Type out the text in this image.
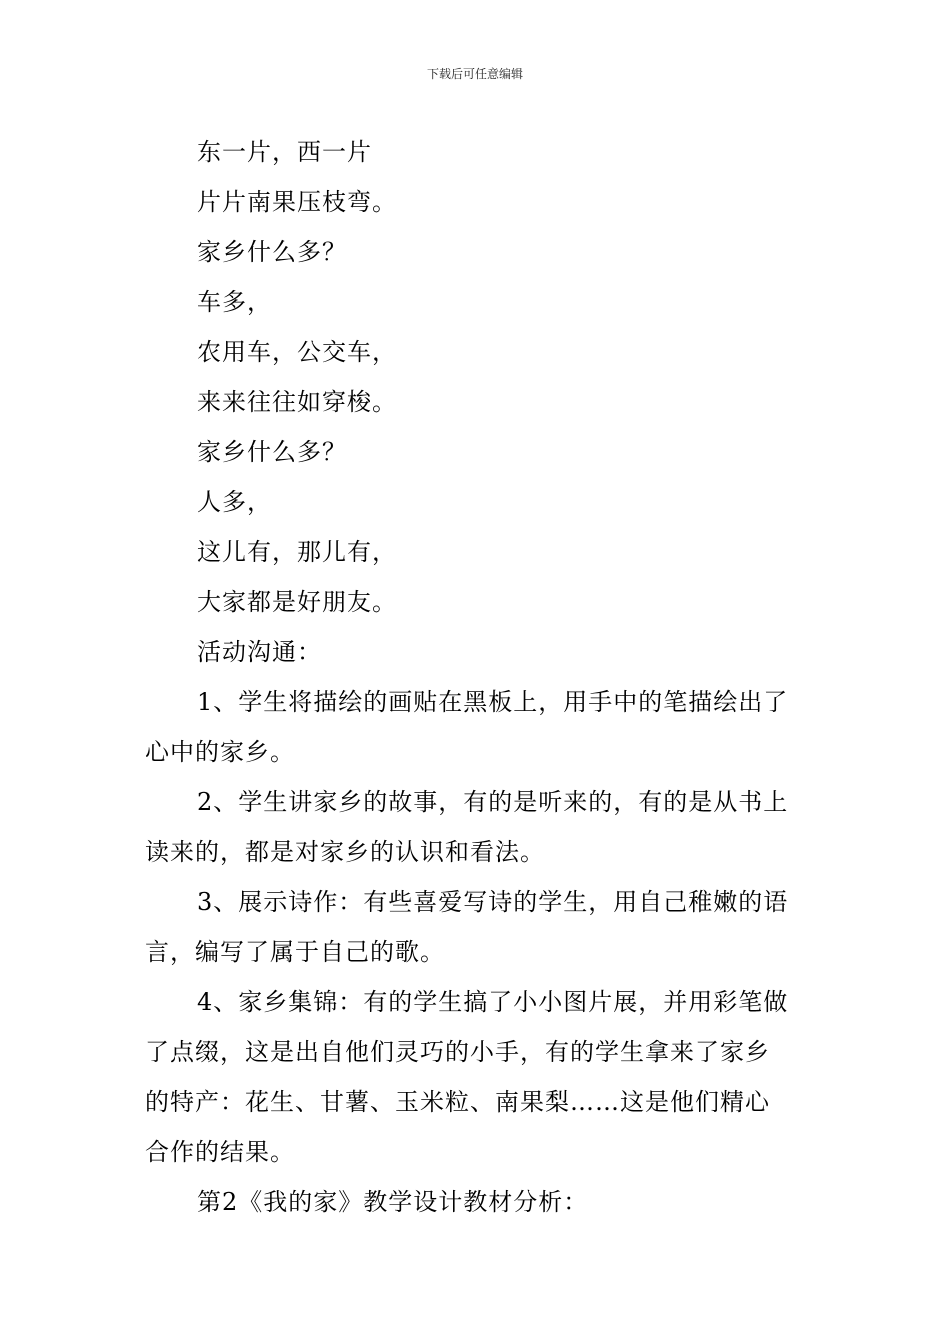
下载后可任意编辑
东一片，西一片
片片南果压枝弯。
家乡什么多？
车多，
农用车，公交车，
来来往往如穿梭。
家乡什么多？
人多，
这儿有，那儿有，
大家都是好朋友。
活动沟通：
1、学生将描绘的画贴在黑板上，用手中的笔描绘出了
心中的家乡。
2、学生讲家乡的故事，有的是听来的，有的是从书上
读来的，都是对家乡的认识和看法。
3、展示诗作：有些喜爱写诗的学生，用自己稚嫩的语
言，编写了属于自己的歌。
4、家乡集锦：有的学生搞了小小图片展，并用彩笔做
了点缀，这是出自他们灵巧的小手，有的学生拿来了家乡
的特产：花生、甘薯、玉米粒、南果梨……这是他们精心
合作的结果。
第2《我的家》教学设计教材分析：
